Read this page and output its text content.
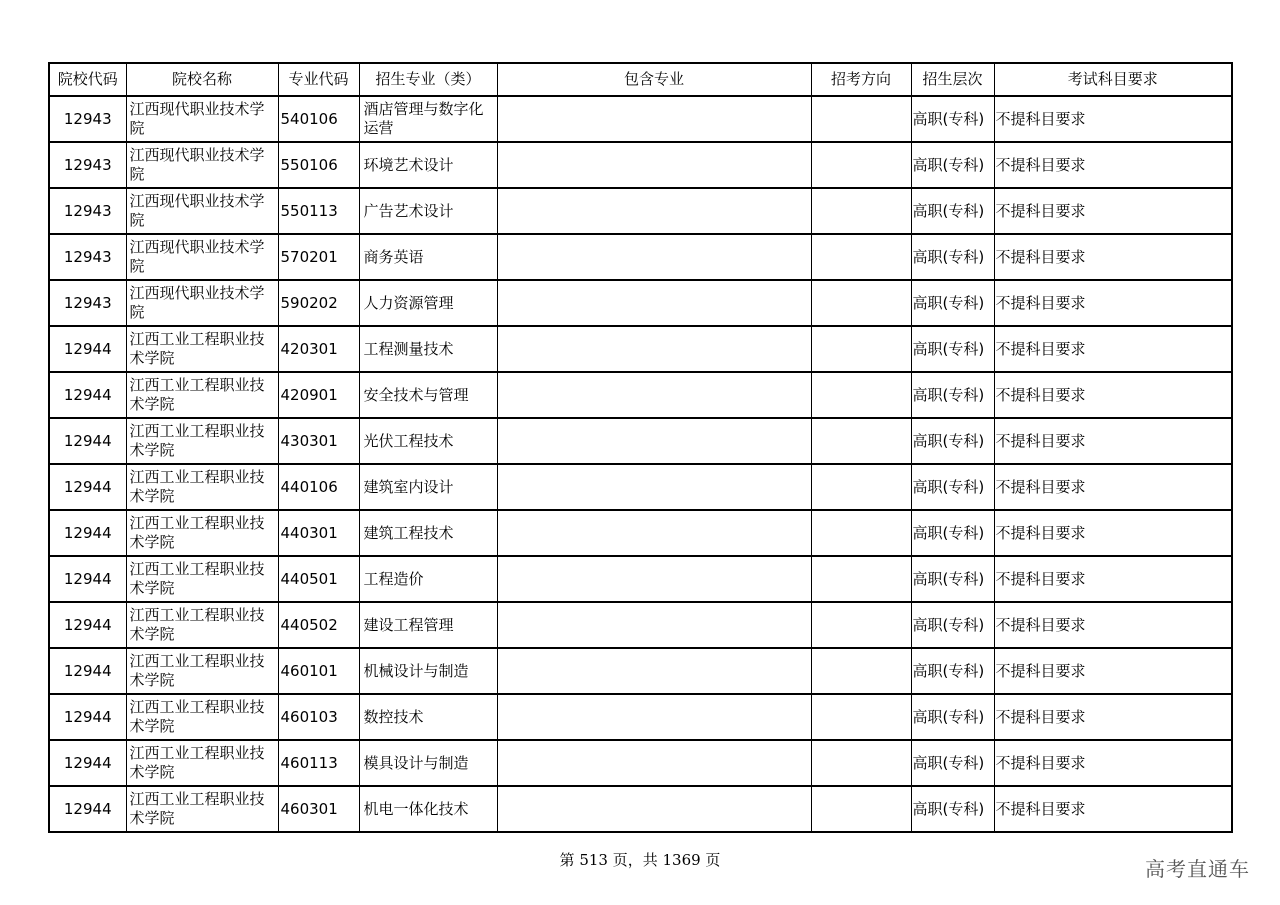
院校代码	院校名称	专业代码	招生专业（类）	包含专业	招考方向	招生层次	考试科目要求
12943	江西现代职业技术学院	540106	酒店管理与数字化运营			高职(专科)	不提科目要求
12943	江西现代职业技术学院	550106	环境艺术设计			高职(专科)	不提科目要求
12943	江西现代职业技术学院	550113	广告艺术设计			高职(专科)	不提科目要求
12943	江西现代职业技术学院	570201	商务英语			高职(专科)	不提科目要求
12943	江西现代职业技术学院	590202	人力资源管理			高职(专科)	不提科目要求
12944	江西工业工程职业技术学院	420301	工程测量技术			高职(专科)	不提科目要求
12944	江西工业工程职业技术学院	420901	安全技术与管理			高职(专科)	不提科目要求
12944	江西工业工程职业技术学院	430301	光伏工程技术			高职(专科)	不提科目要求
12944	江西工业工程职业技术学院	440106	建筑室内设计			高职(专科)	不提科目要求
12944	江西工业工程职业技术学院	440301	建筑工程技术			高职(专科)	不提科目要求
12944	江西工业工程职业技术学院	440501	工程造价			高职(专科)	不提科目要求
12944	江西工业工程职业技术学院	440502	建设工程管理			高职(专科)	不提科目要求
12944	江西工业工程职业技术学院	460101	机械设计与制造			高职(专科)	不提科目要求
12944	江西工业工程职业技术学院	460103	数控技术			高职(专科)	不提科目要求
12944	江西工业工程职业技术学院	460113	模具设计与制造			高职(专科)	不提科目要求
12944	江西工业工程职业技术学院	460301	机电一体化技术			高职(专科)	不提科目要求
第 513 页，共 1369 页	高考直通车
